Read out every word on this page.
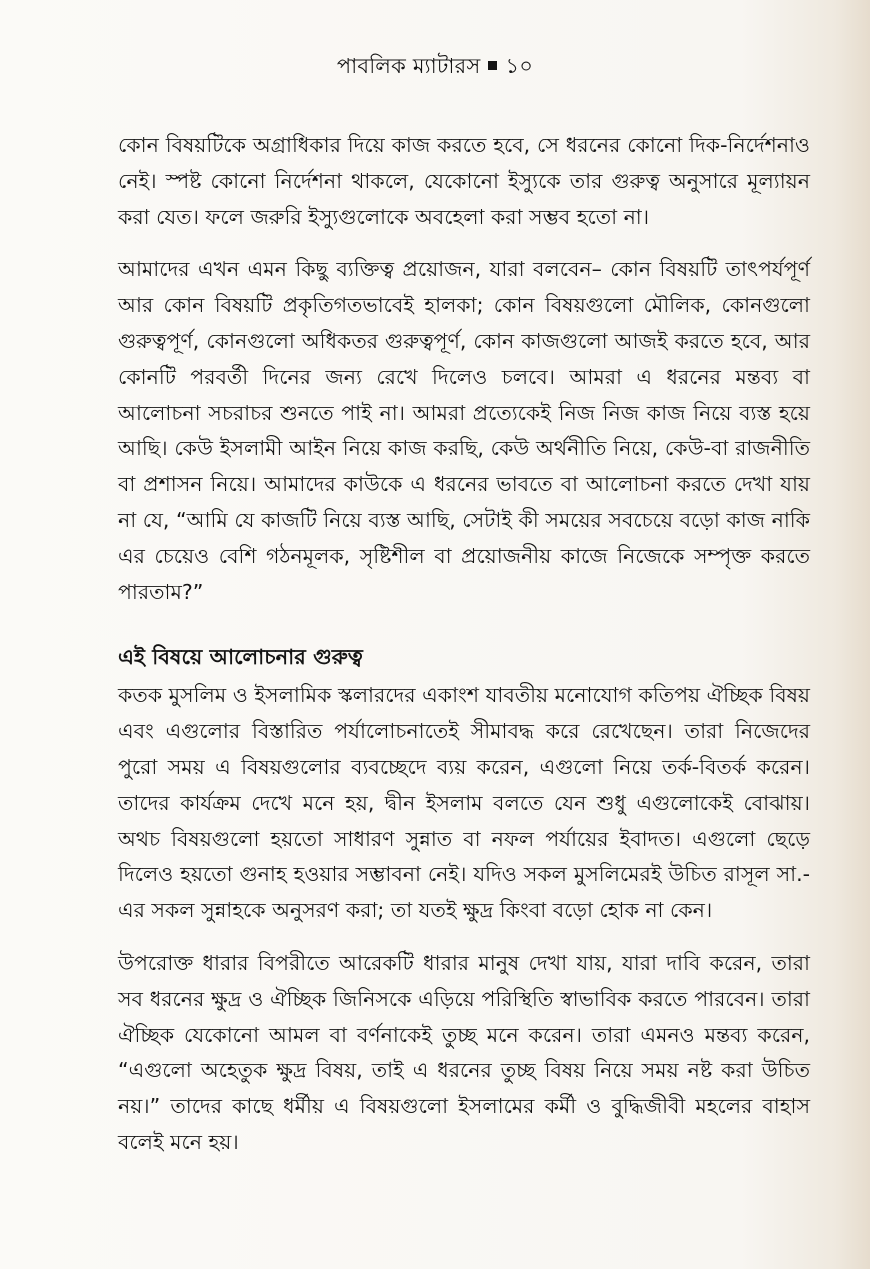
পাবলিক ম্যাটারস ১০

কোন বিষয়টিকে অগ্রাধিকার দিয়ে কাজ করতে হবে, সে ধরনের কোনো দিক-নির্দেশনাও নেই। স্পষ্ট কোনো নির্দেশনা থাকলে, যেকোনো ইস্যুকে তার গুরুত্ব অনুসারে মূল্যায়ন করা যেত। ফলে জরুরি ইস্যুগুলোকে অবহেলা করা সম্ভব হতো না।

আমাদের এখন এমন কিছু ব্যক্তিত্ব প্রয়োজন, যারা বলবেন– কোন বিষয়টি তাৎপর্যপূর্ণ আর কোন বিষয়টি প্রকৃতিগতভাবেই হালকা; কোন বিষয়গুলো মৌলিক, কোনগুলো গুরুত্বপূর্ণ, কোনগুলো অধিকতর গুরুত্বপূর্ণ, কোন কাজগুলো আজই করতে হবে, আর কোনটি পরবর্তী দিনের জন্য রেখে দিলেও চলবে। আমরা এ ধরনের মন্তব্য বা আলোচনা সচরাচর শুনতে পাই না। আমরা প্রত্যেকেই নিজ নিজ কাজ নিয়ে ব্যস্ত হয়ে আছি। কেউ ইসলামী আইন নিয়ে কাজ করছি, কেউ অর্থনীতি নিয়ে, কেউ-বা রাজনীতি বা প্রশাসন নিয়ে। আমাদের কাউকে এ ধরনের ভাবতে বা আলোচনা করতে দেখা যায় না যে, “আমি যে কাজটি নিয়ে ব্যস্ত আছি, সেটাই কী সময়ের সবচেয়ে বড়ো কাজ নাকি এর চেয়েও বেশি গঠনমূলক, সৃষ্টিশীল বা প্রয়োজনীয় কাজে নিজেকে সম্পৃক্ত করতে পারতাম?”

এই বিষয়ে আলোচনার গুরুত্ব

কতক মুসলিম ও ইসলামিক স্কলারদের একাংশ যাবতীয় মনোযোগ কতিপয় ঐচ্ছিক বিষয় এবং এগুলোর বিস্তারিত পর্যালোচনাতেই সীমাবদ্ধ করে রেখেছেন। তারা নিজেদের পুরো সময় এ বিষয়গুলোর ব্যবচ্ছেদে ব্যয় করেন, এগুলো নিয়ে তর্ক-বিতর্ক করেন। তাদের কার্যক্রম দেখে মনে হয়, দ্বীন ইসলাম বলতে যেন শুধু এগুলোকেই বোঝায়। অথচ বিষয়গুলো হয়তো সাধারণ সুন্নাত বা নফল পর্যায়ের ইবাদত। এগুলো ছেড়ে দিলেও হয়তো গুনাহ হওয়ার সম্ভাবনা নেই। যদিও সকল মুসলিমেরই উচিত রাসূল সা.-এর সকল সুন্নাহকে অনুসরণ করা; তা যতই ক্ষুদ্র কিংবা বড়ো হোক না কেন।

উপরোক্ত ধারার বিপরীতে আরেকটি ধারার মানুষ দেখা যায়, যারা দাবি করেন, তারা সব ধরনের ক্ষুদ্র ও ঐচ্ছিক জিনিসকে এড়িয়ে পরিস্থিতি স্বাভাবিক করতে পারবেন। তারা ঐচ্ছিক যেকোনো আমল বা বর্ণনাকেই তুচ্ছ মনে করেন। তারা এমনও মন্তব্য করেন, “এগুলো অহেতুক ক্ষুদ্র বিষয়, তাই এ ধরনের তুচ্ছ বিষয় নিয়ে সময় নষ্ট করা উচিত নয়।” তাদের কাছে ধর্মীয় এ বিষয়গুলো ইসলামের কর্মী ও বুদ্ধিজীবী মহলের বাহাস বলেই মনে হয়।
